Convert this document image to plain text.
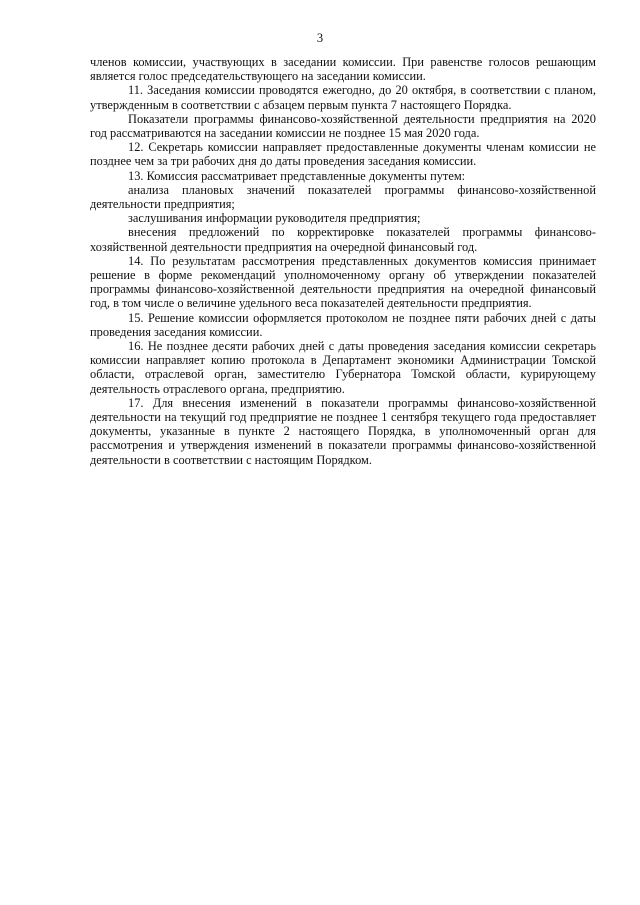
3

членов комиссии, участвующих в заседании комиссии. При равенстве голосов решающим является голос председательствующего на заседании комиссии.

11. Заседания комиссии проводятся ежегодно, до 20 октября, в соответствии с планом, утвержденным в соответствии с абзацем первым пункта 7 настоящего Порядка.

Показатели программы финансово-хозяйственной деятельности предприятия на 2020 год рассматриваются на заседании комиссии не позднее 15 мая 2020 года.

12. Секретарь комиссии направляет предоставленные документы членам комиссии не позднее чем за три рабочих дня до даты проведения заседания комиссии.

13. Комиссия рассматривает представленные документы путем:

анализа плановых значений показателей программы финансово-хозяйственной деятельности предприятия;

заслушивания информации руководителя предприятия;

внесения предложений по корректировке показателей программы финансово-хозяйственной деятельности предприятия на очередной финансовый год.

14. По результатам рассмотрения представленных документов комиссия принимает решение в форме рекомендаций уполномоченному органу об утверждении показателей программы финансово-хозяйственной деятельности предприятия на очередной финансовый год, в том числе о величине удельного веса показателей деятельности предприятия.

15. Решение комиссии оформляется протоколом не позднее пяти рабочих дней с даты проведения заседания комиссии.

16. Не позднее десяти рабочих дней с даты проведения заседания комиссии секретарь комиссии направляет копию протокола в Департамент экономики Администрации Томской области, отраслевой орган, заместителю Губернатора Томской области, курирующему деятельность отраслевого органа, предприятию.

17. Для внесения изменений в показатели программы финансово-хозяйственной деятельности на текущий год предприятие не позднее 1 сентября текущего года предоставляет документы, указанные в пункте 2 настоящего Порядка, в уполномоченный орган для рассмотрения и утверждения изменений в показатели программы финансово-хозяйственной деятельности в соответствии с настоящим Порядком.
